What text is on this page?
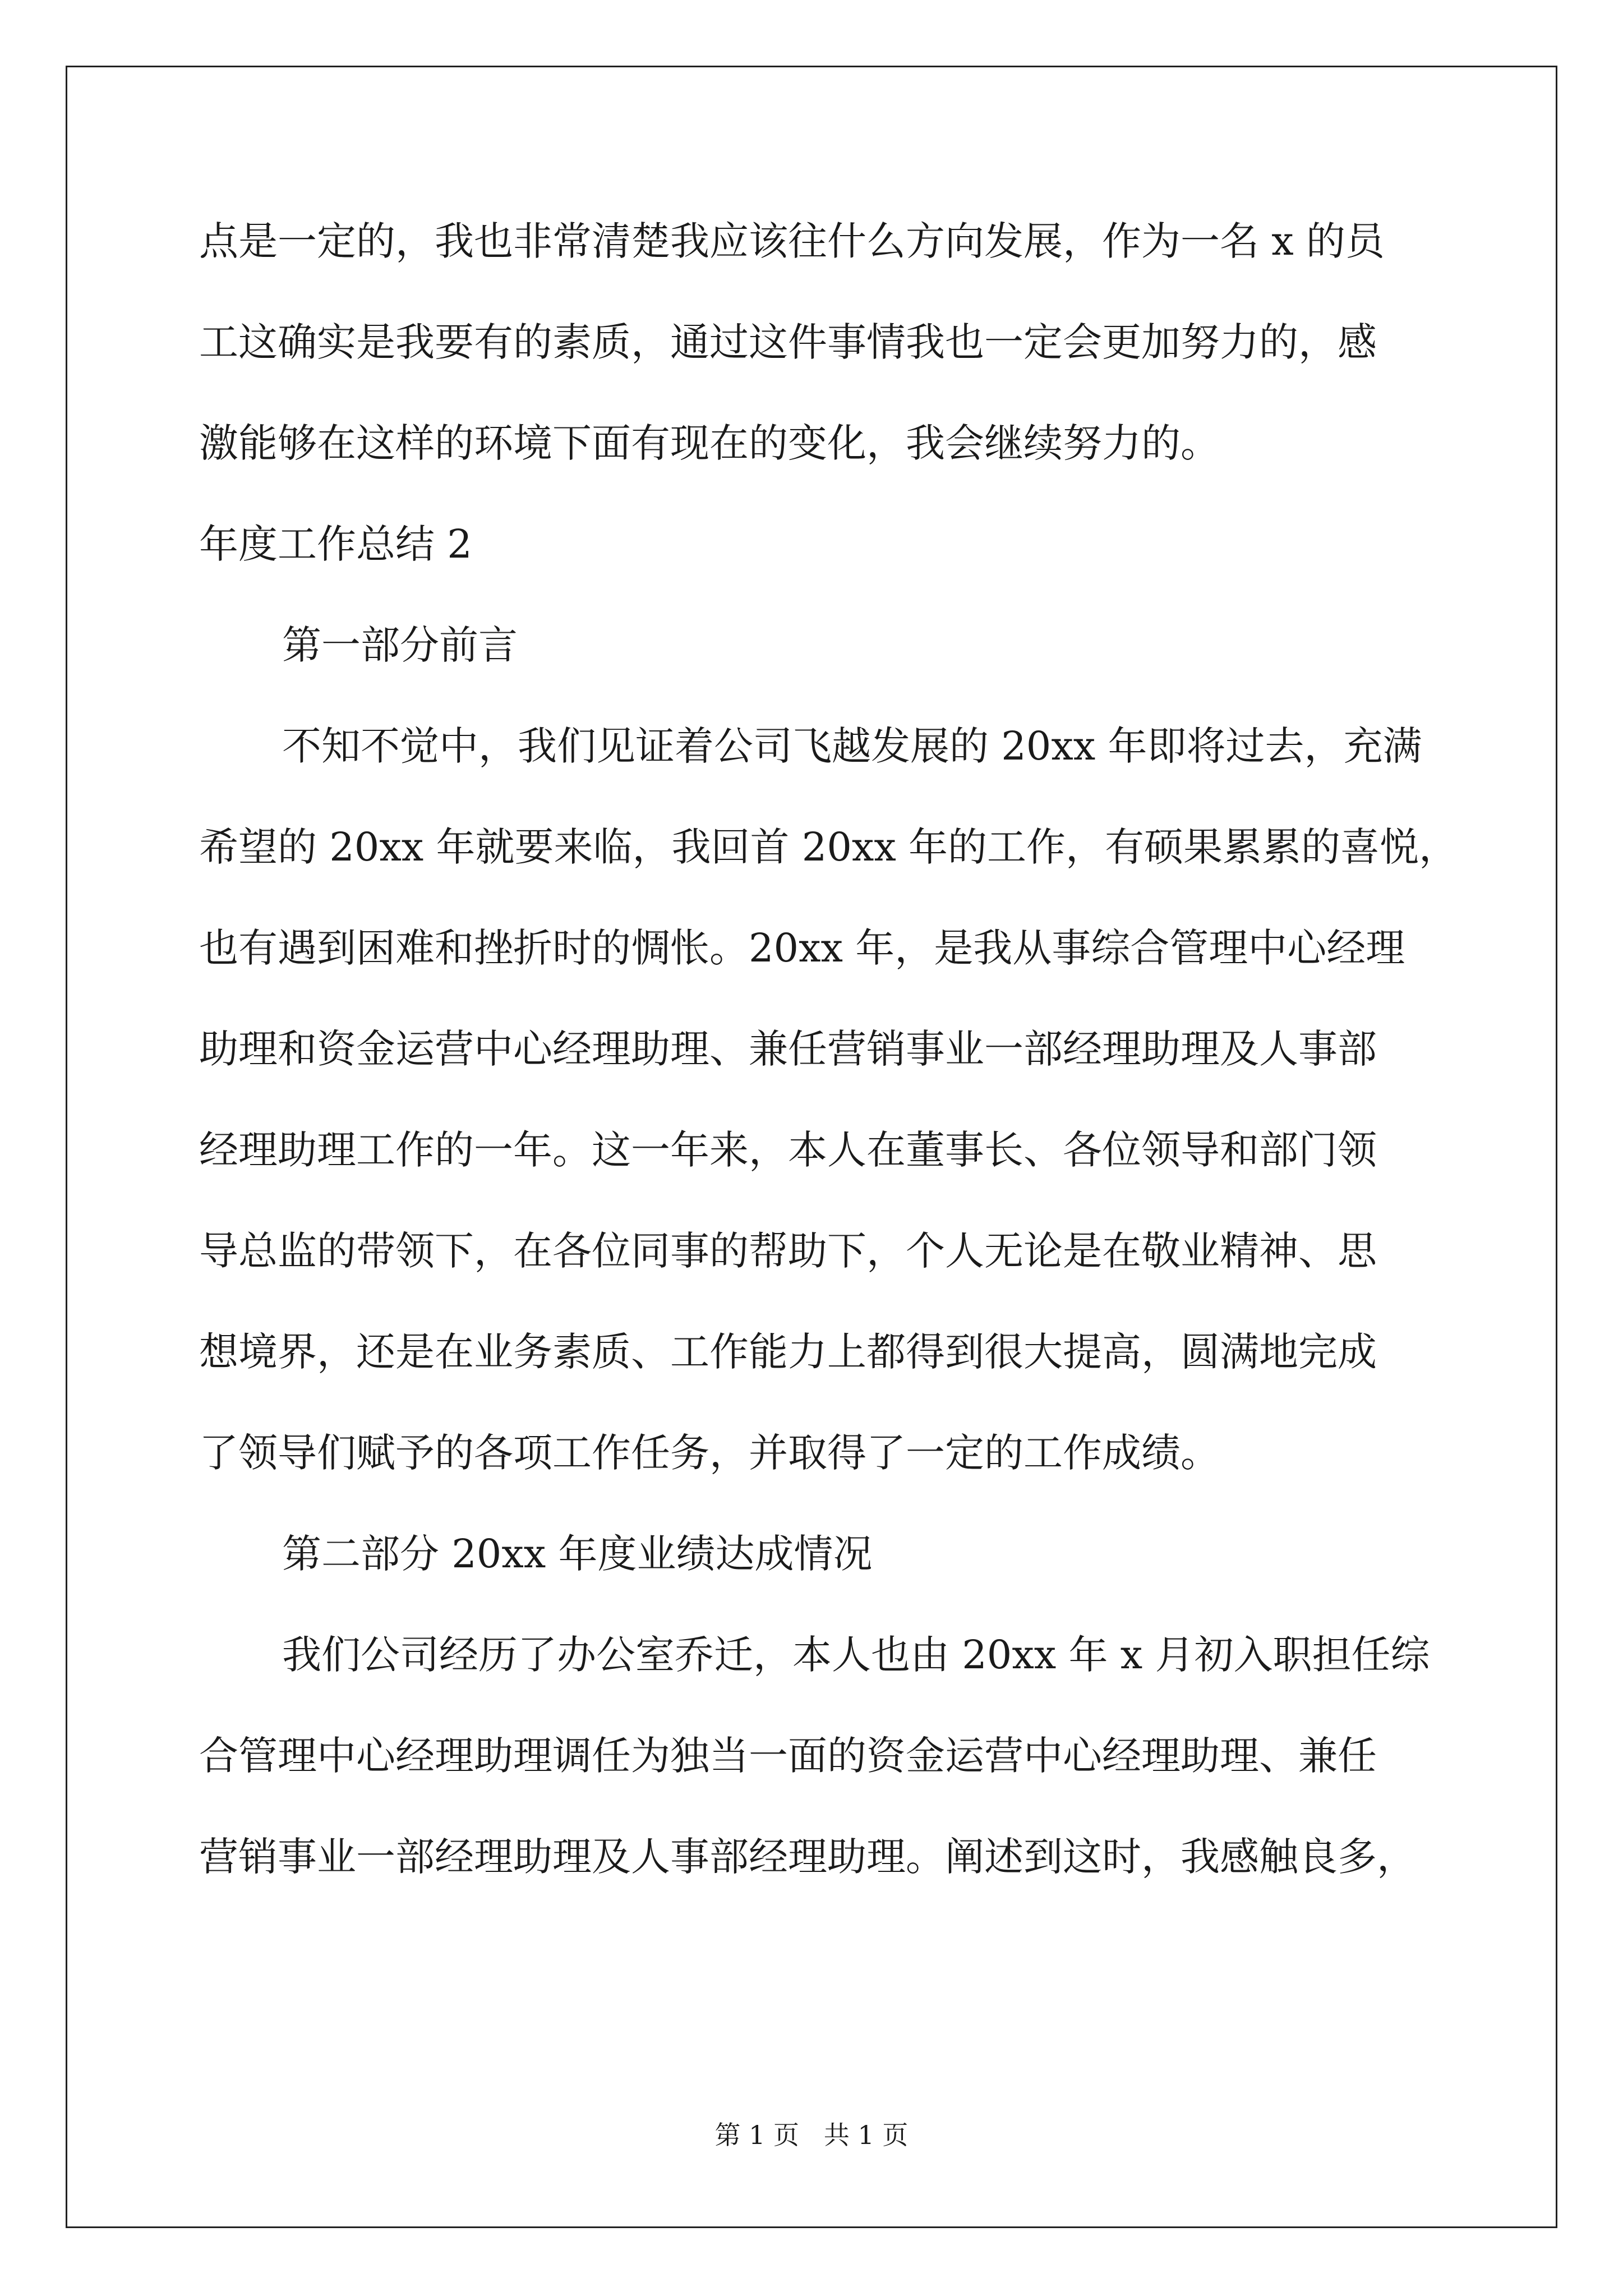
点是一定的，我也非常清楚我应该往什么方向发展，作为一名 x 的员
工这确实是我要有的素质，通过这件事情我也一定会更加努力的，感
激能够在这样的环境下面有现在的变化，我会继续努力的。
年度工作总结 2
第一部分前言
不知不觉中，我们见证着公司飞越发展的 20xx 年即将过去，充满
希望的 20xx 年就要来临，我回首 20xx 年的工作，有硕果累累的喜悦，
也有遇到困难和挫折时的惆怅。20xx 年，是我从事综合管理中心经理
助理和资金运营中心经理助理、兼任营销事业一部经理助理及人事部
经理助理工作的一年。这一年来，本人在董事长、各位领导和部门领
导总监的带领下，在各位同事的帮助下，个人无论是在敬业精神、思
想境界，还是在业务素质、工作能力上都得到很大提高，圆满地完成
了领导们赋予的各项工作任务，并取得了一定的工作成绩。
第二部分 20xx 年度业绩达成情况
我们公司经历了办公室乔迁，本人也由 20xx 年 x 月初入职担任综
合管理中心经理助理调任为独当一面的资金运营中心经理助理、兼任
营销事业一部经理助理及人事部经理助理。阐述到这时，我感触良多，
第 1 页   共 1 页
